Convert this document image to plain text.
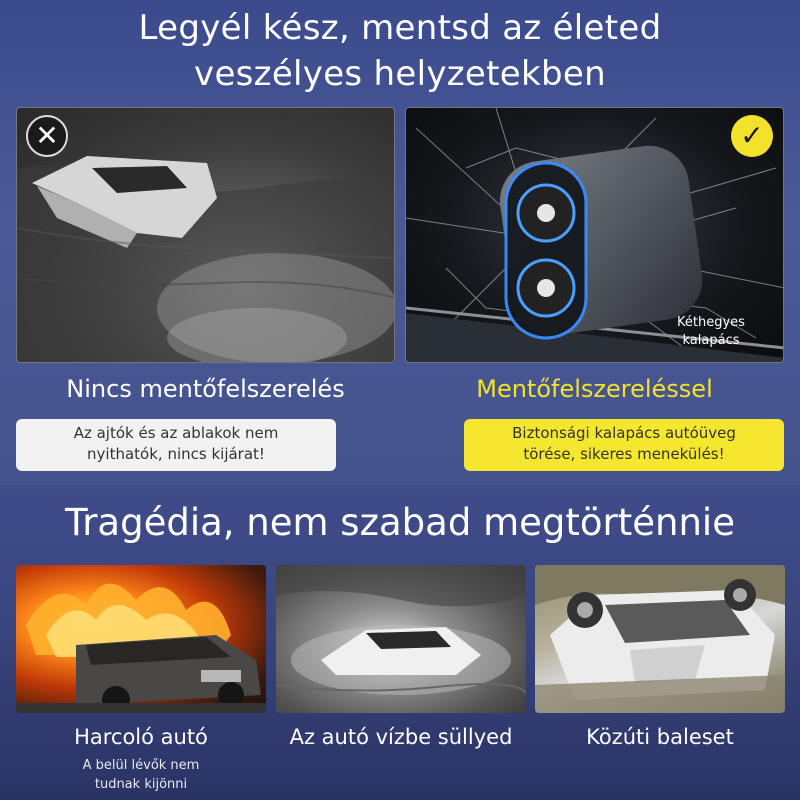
Legyél kész, mentsd az életed
veszélyes helyzetekben
✕	✓
Kéthegyes
kalapács
Nincs mentőfelszerelés	Mentőfelszereléssel
Az ajtók és az ablakok nem
nyithatók, nincs kijárat!
Biztonsági kalapács autóüveg
törése, sikeres menekülés!
Tragédia, nem szabad megtörténnie
Harcoló autó	Az autó vízbe süllyed	Közúti baleset
A belül lévők nem
tudnak kijönni
